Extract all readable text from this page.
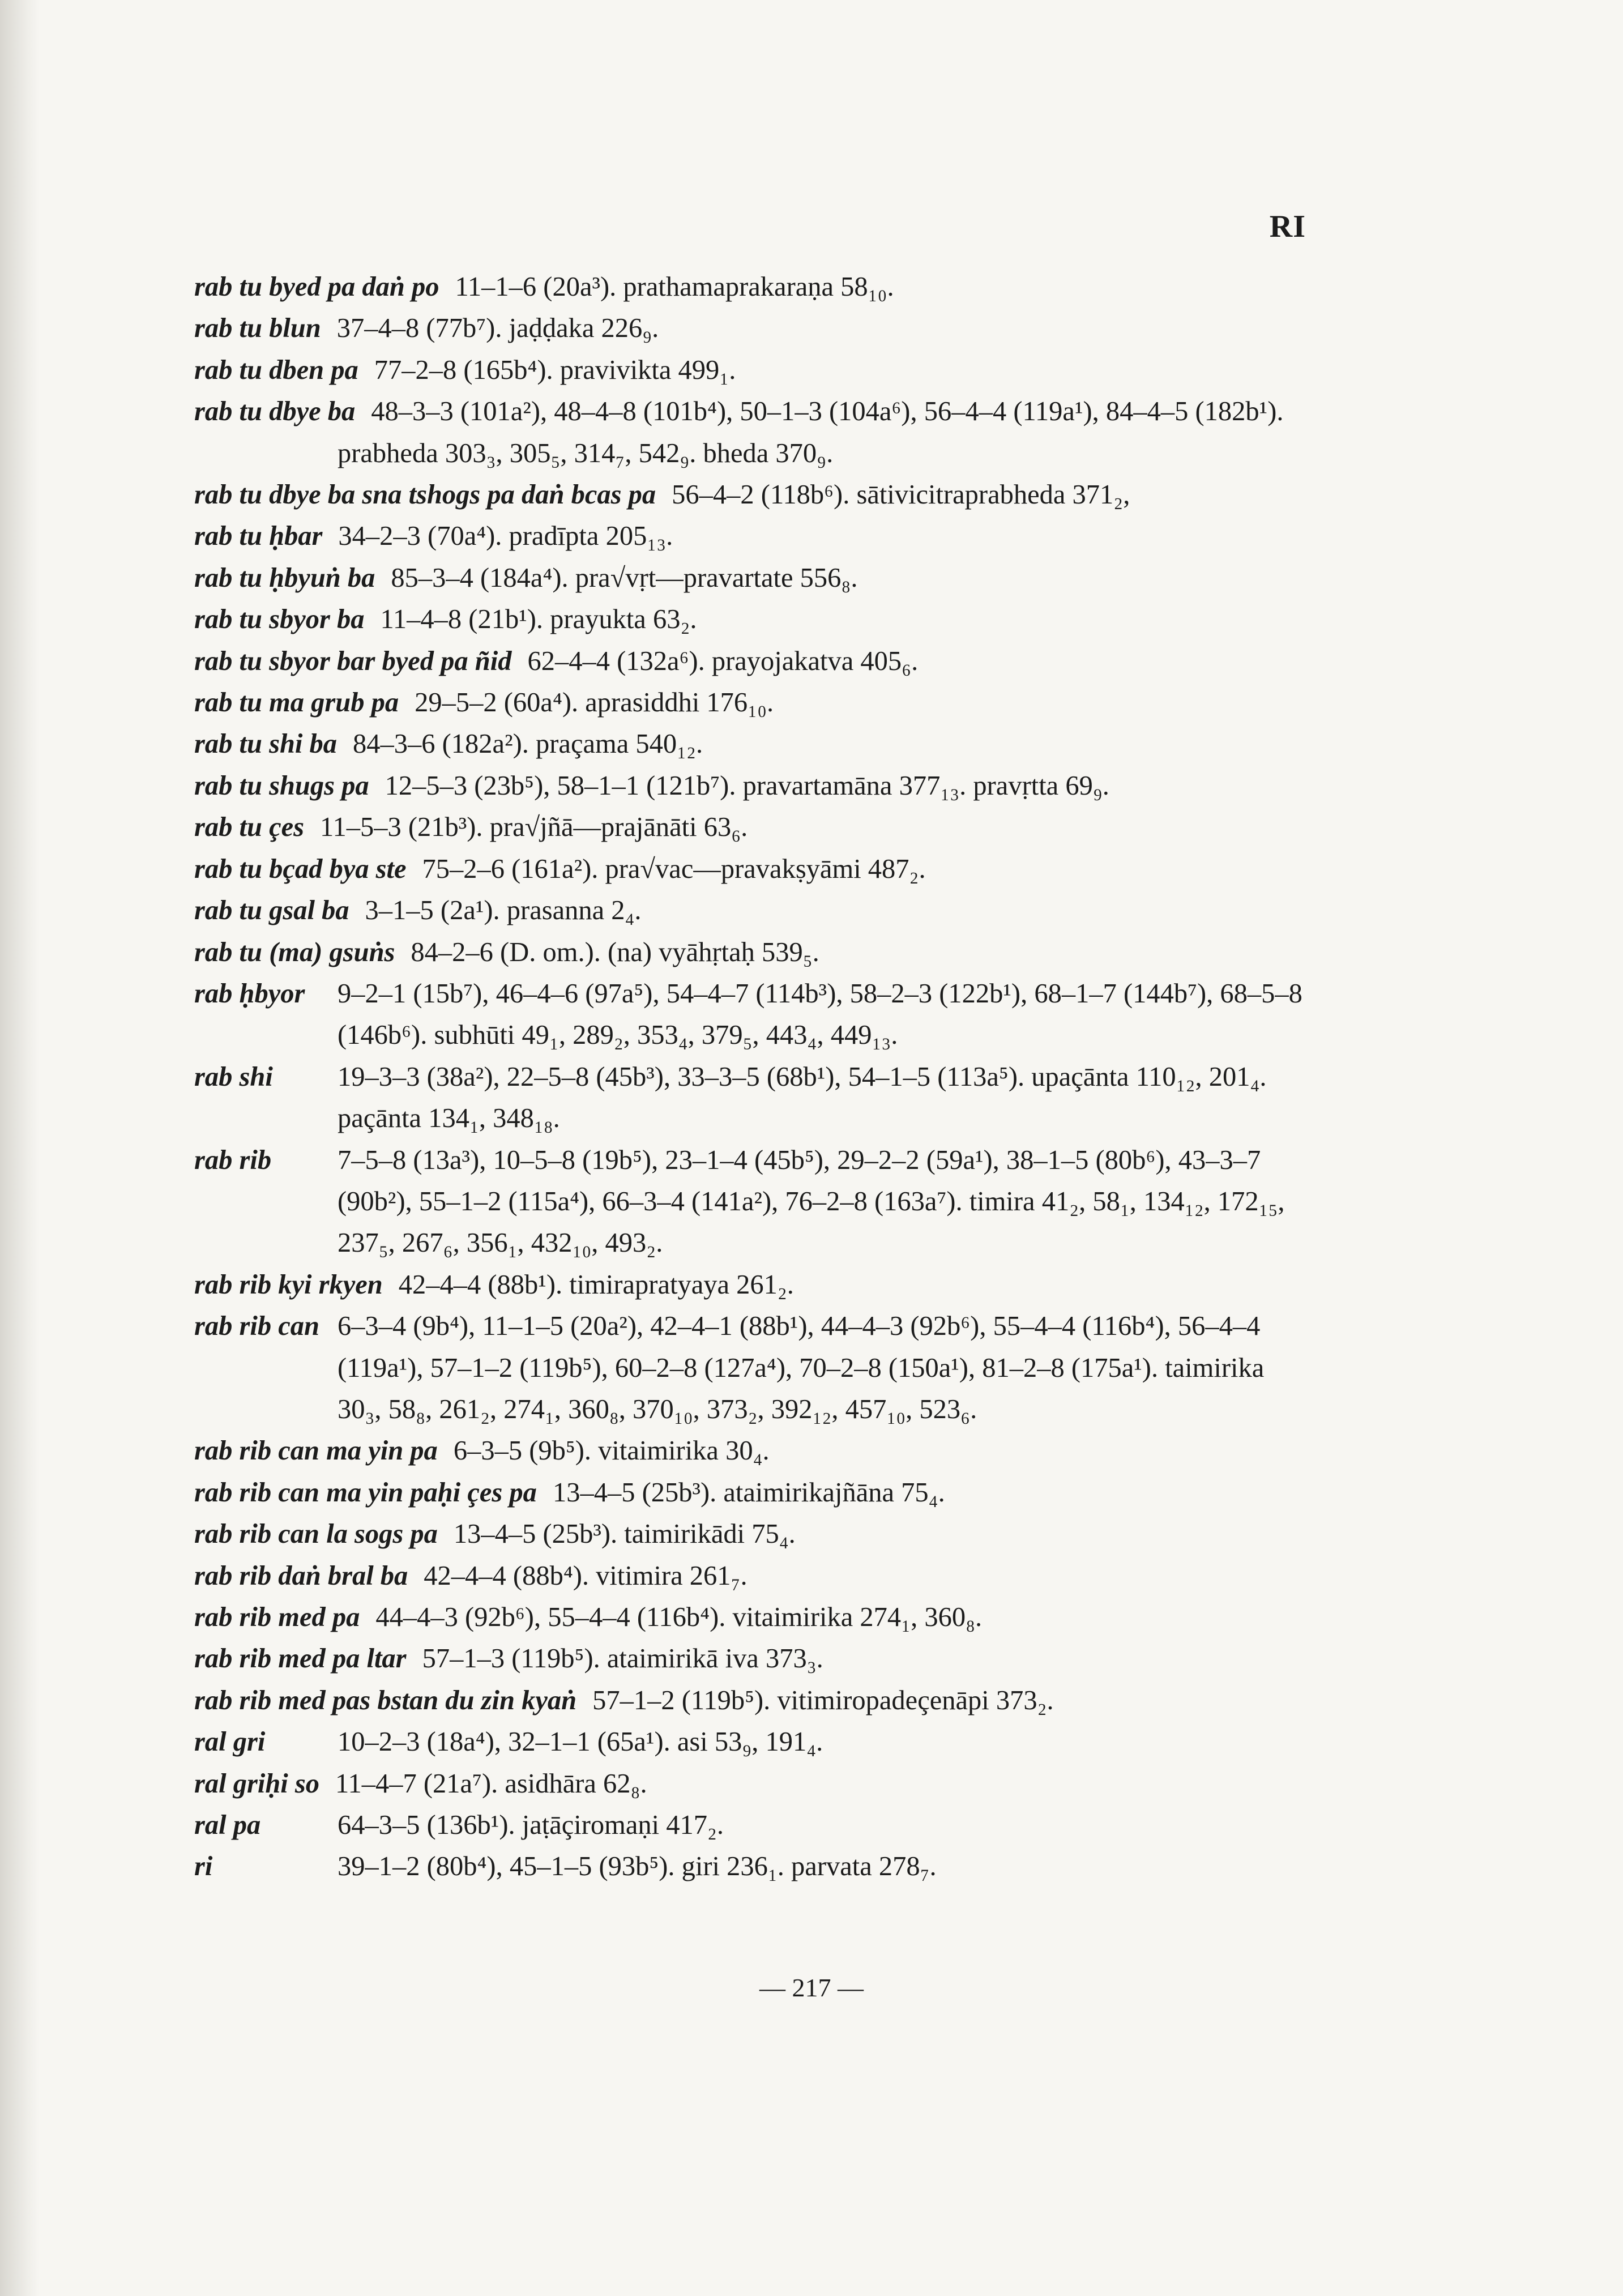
RI
rab tu byed pa daṅ po 11–1–6 (20a³). prathamaprakaraṇa 58₁₀.
rab tu blun 37–4–8 (77b⁷). jaḍḍaka 226₉.
rab tu dben pa 77–2–8 (165b⁴). pravivikta 499₁.
rab tu dbye ba 48–3–3 (101a²), 48–4–8 (101b⁴), 50–1–3 (104a⁶), 56–4–4 (119a¹), 84–4–5 (182b¹). prabheda 303₃, 305₅, 314₇, 542₉. bheda 370₉.
rab tu dbye ba sna tshogs pa daṅ bcas pa 56–4–2 (118b⁶). sātivicitraprabheda 371₂,
rab tu ḥbar 34–2–3 (70a⁴). pradīpta 205₁₃.
rab tu ḥbyuṅ ba 85–3–4 (184a⁴). pra√vṛt—pravartate 556₈.
rab tu sbyor ba 11–4–8 (21b¹). prayukta 63₂.
rab tu sbyor bar byed pa ñid 62–4–4 (132a⁶). prayojakatva 405₆.
rab tu ma grub pa 29–5–2 (60a⁴). aprasiddhi 176₁₀.
rab tu shi ba 84–3–6 (182a²). praçama 540₁₂.
rab tu shugs pa 12–5–3 (23b⁵), 58–1–1 (121b⁷). pravartamāna 377₁₃. pravṛtta 69₉.
rab tu çes 11–5–3 (21b³). pra√jñā—prajānāti 63₆.
rab tu bçad bya ste 75–2–6 (161a²). pra√vac—pravakṣyāmi 487₂.
rab tu gsal ba 3–1–5 (2a¹). prasanna 2₄.
rab tu (ma) gsuṅs 84–2–6 (D. om.). (na) vyāhṛtaḥ 539₅.
rab ḥbyor	9–2–1 (15b⁷), 46–4–6 (97a⁵), 54–4–7 (114b³), 58–2–3 (122b¹), 68–1–7 (144b⁷), 68–5–8 (146b⁶). subhūti 49₁, 289₂, 353₄, 379₅, 443₄, 449₁₃.
rab shi	19–3–3 (38a²), 22–5–8 (45b³), 33–3–5 (68b¹), 54–1–5 (113a⁵). upaçānta 110₁₂, 201₄. paçānta 134₁, 348₁₈.
rab rib	7–5–8 (13a³), 10–5–8 (19b⁵), 23–1–4 (45b⁵), 29–2–2 (59a¹), 38–1–5 (80b⁶), 43–3–7 (90b²), 55–1–2 (115a⁴), 66–3–4 (141a²), 76–2–8 (163a⁷). timira 41₂, 58₁, 134₁₂, 172₁₅, 237₅, 267₆, 356₁, 432₁₀, 493₂.
rab rib kyi rkyen 42–4–4 (88b¹). timirapratyaya 261₂.
rab rib can 6–3–4 (9b⁴), 11–1–5 (20a²), 42–4–1 (88b¹), 44–4–3 (92b⁶), 55–4–4 (116b⁴), 56–4–4 (119a¹), 57–1–2 (119b⁵), 60–2–8 (127a⁴), 70–2–8 (150a¹), 81–2–8 (175a¹). taimirika 30₃, 58₈, 261₂, 274₁, 360₈, 370₁₀, 373₂, 392₁₂, 457₁₀, 523₆.
rab rib can ma yin pa 6–3–5 (9b⁵). vitaimirika 30₄.
rab rib can ma yin paḥi çes pa 13–4–5 (25b³). ataimirikajñāna 75₄.
rab rib can la sogs pa 13–4–5 (25b³). taimirikādi 75₄.
rab rib daṅ bral ba 42–4–4 (88b⁴). vitimira 261₇.
rab rib med pa 44–4–3 (92b⁶), 55–4–4 (116b⁴). vitaimirika 274₁, 360₈.
rab rib med pa ltar 57–1–3 (119b⁵). ataimirikā iva 373₃.
rab rib med pas bstan du zin kyaṅ 57–1–2 (119b⁵). vitimiropadeçenāpi 373₂.
ral gri	10–2–3 (18a⁴), 32–1–1 (65a¹). asi 53₉, 191₄.
ral griḥi so 11–4–7 (21a⁷). asidhāra 62₈.
ral pa	64–3–5 (136b¹). jaṭāçiromaṇi 417₂.
ri	39–1–2 (80b⁴), 45–1–5 (93b⁵). giri 236₁. parvata 278₇.
— 217 —
